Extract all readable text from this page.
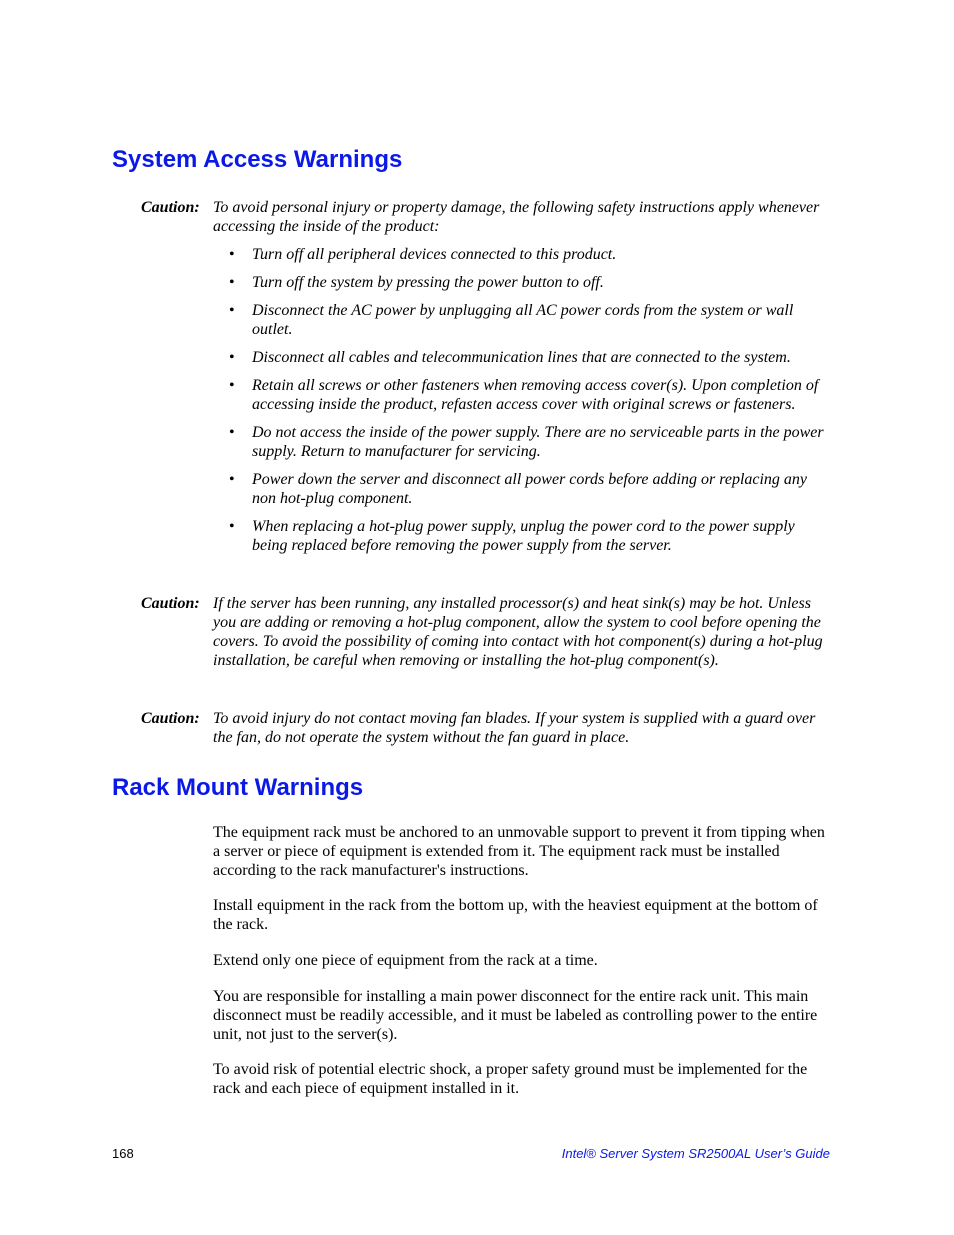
System Access Warnings
Caution: To avoid personal injury or property damage, the following safety instructions apply whenever accessing the inside of the product:
• Turn off all peripheral devices connected to this product.
• Turn off the system by pressing the power button to off.
• Disconnect the AC power by unplugging all AC power cords from the system or wall outlet.
• Disconnect all cables and telecommunication lines that are connected to the system.
• Retain all screws or other fasteners when removing access cover(s). Upon completion of accessing inside the product, refasten access cover with original screws or fasteners.
• Do not access the inside of the power supply. There are no serviceable parts in the power supply. Return to manufacturer for servicing.
• Power down the server and disconnect all power cords before adding or replacing any non hot-plug component.
• When replacing a hot-plug power supply, unplug the power cord to the power supply being replaced before removing the power supply from the server.
Caution: If the server has been running, any installed processor(s) and heat sink(s) may be hot. Unless you are adding or removing a hot-plug component, allow the system to cool before opening the covers. To avoid the possibility of coming into contact with hot component(s) during a hot-plug installation, be careful when removing or installing the hot-plug component(s).
Caution: To avoid injury do not contact moving fan blades. If your system is supplied with a guard over the fan, do not operate the system without the fan guard in place.
Rack Mount Warnings

The equipment rack must be anchored to an unmovable support to prevent it from tipping when a server or piece of equipment is extended from it. The equipment rack must be installed according to the rack manufacturer's instructions.

Install equipment in the rack from the bottom up, with the heaviest equipment at the bottom of the rack.

Extend only one piece of equipment from the rack at a time.

You are responsible for installing a main power disconnect for the entire rack unit. This main disconnect must be readily accessible, and it must be labeled as controlling power to the entire unit, not just to the server(s).

To avoid risk of potential electric shock, a proper safety ground must be implemented for the rack and each piece of equipment installed in it.

168	Intel® Server System SR2500AL User’s Guide
